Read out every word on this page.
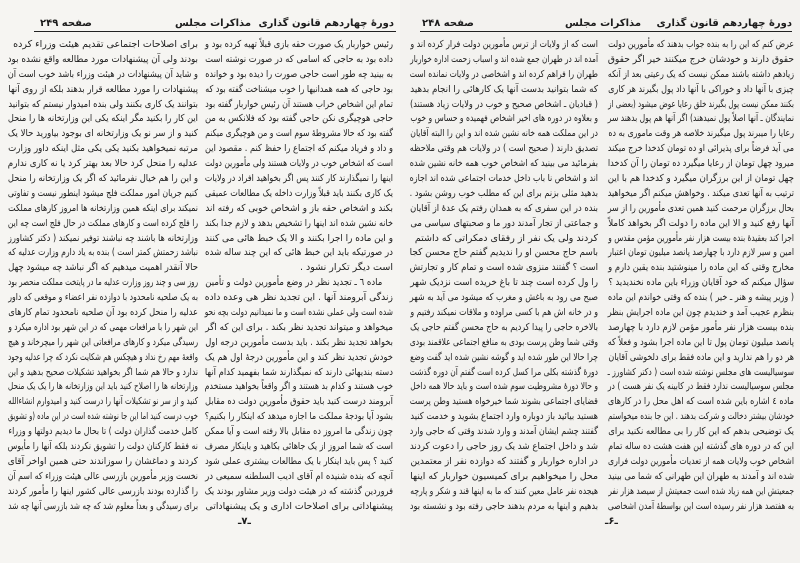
دورهٔ چهاردهم قانون گذاری
مذاکرات مجلس
صفحه ۲۴۹
رئیس خواربار یک صورت حقه بازی قبلاً تهیه کرده بود و
داده بود به حاجی که اسامی که در صورت نوشته است
به بینید چه طور است حاجی صورت را دیده بود و خوانده
بود حاجی که همه همدانیها را خوب میشناخت گفته بود که
تمام این اشخاص خراب هستند آن رئیس خواربار گفته بود
حاجی هوچیگری نکن حاجی گفته بود که فلانکس به من
گفته بود که حالا مشروطهٔ سوم است و من هوچیگری میکنم
و داد و فریاد میکنم که اجتماع را حفظ کنم . مقصود این
است که اشخاص خوب در ولایات هستند ولی مأمورین دولت
اینها را نمیگذارند کار کنند پس اگر بخواهید افراد در ولایات
یک کاری بکنند باید قبلاً وزارت داخله یک مطالعات عمیقی
بکند و اشخاص حقه باز و اشخاص خوبی که رفته اند
خانه نشین شده اند اینها را تشخیص بدهد و لازم جدا بکند
و این ماده را اجرا بکنند و الا یک خبط هائی می کنند
در صورتیکه باید این خبط هائی که این چند ساله شده
است دیگر تکرار نشود .
ماده ٦ ـ تجدید نظر در وضع مأمورین دولت و تأمین
زندگی آبرومند آنها . این تجدید نظر هی وعده داده
شده است ولی عملی نشده است و ما نمیدانیم دولت بچه نحو
میخواهد و میتواند تجدید نظر بکند . برای این که اگر
بخواهد تجدید نظر بکند . باید بدست مأمورین درجه اول
خودش تجدید نظر کند و این مأمورین درجهٔ اول هم یک
دسته بندیهائی دارند که نمیگذارند شما بفهمید کدام آنها
خوب هستند و کدام بد هستند و اگر واقعاً بخواهید مستخدم
آبرومند درست کنید باید حقوق مأمورین دولت ده مقابل
بشود آیا بودجهٔ مملکت ما اجازه میدهد که اینکار را بکنیم؟
چون زندگی ما امروز ده مقابل بالا رفته است و آیا ممکن
است که شما امروز از یک جاهائی بکاهید و باینکار مصرف
کنید ؟ پس باید اینکار با یک مطالعات بیشتری عملی شود
آنچه که بنده شنیده ام آقای ادیب السلطنه سمیعی در
فروردین گذشته که در هیئت دولت وزیر مشاور بودند یک
پیشنهاداتی برای اصلاحات اداری و یک پیشنهاداتی
برای اصلاحات اجتماعی تقدیم هیئت وزراء کرده
بودند ولی آن پیشنهادات مورد مطالعه واقع نشده بود
و شاید آن پیشنهادات در هیئت وزراء باشد خوب است آن
پیشنهادات را مورد مطالعه قرار بدهند بلکه از روی آنها
بتوانند یک کاری بکنند ولی بنده امیدوار نیستم که بتوانید
این کار را بکنید مگر اینکه یکی این وزارتخانه ها را منحل
کنید و از سر نو یک وزارتخانه ای بوجود بیاورید حالا یک
مرتبه نمیخواهید بکنید یکی یکی مثل اینکه داور وزارت
عدلیه را منحل کرد حالا بعد بهتر کرد یا نه کاری ندارم
و این را هم خیال نفرمائید که اگر یک وزارتخانه را منحل
کنیم جریان امور مملکت فلج میشود اینطور نیست و تفاوتی
نمیکند برای اینکه همین وزارتخانه ها امروز کارهای مملکت
را فلج کرده است و کارهای مملکت در حال فلج است چه این
وزارتخانه ها باشند چه نباشند توفیر نمیکند ( دکتر کشاورز
نباشد زحمتش کمتر است ) بنده به یاد دارم وزارت عدلیه که
حالا آنقدر اهمیت میدهیم که اگر نباشد چه میشود چهل
روز سی و چند روز وزارت عدلیه ما در پایتخت مملکت منحصر بود
به یک صلحیه نامحدود با دوازده نفر اعضاء و موقعی که داور
عدلیه را منحل کرده بود آن صلحیه نامحدود تمام کارهای
این شهر را با مرافعات مهمی که در این شهر بود اداره میکرد و
رسیدگی میکرد و کارهای مرافعاتی این شهر را میچرخاند و هیچ
واقعهٔ مهم رخ نداد و هیچکس هم شکایت نکرد که چرا عدلیه وجود
ندارد و حالا هم شما اگر بخواهید تشکیلات صحیح بدهید و این
وزارتخانه ها را اصلاح کنید باید این وزارتخانه ها را یک یک منحل
کنید و از سر نو تشکیلات آنها را درست کنید و امیدوارم انشاءالله
خوب درست کنید اما این جا نوشته شده است در این ماده (و تشویق
کامل خدمت گذاران دولت ) تا بحال ما دیدیم دولتها و وزراء
نه فقط کارکنان دولت را تشویق نکردند بلکه آنها را مأیوس
کردند و دماغشان را سوزاندند حتی همین اواخر آقای
نخست وزیر مأمورین بازرسی عالی هیئت وزراء که اسم آن
را گذارده بودند بازرسی عالی کشور اینها را مأمور کردند
برای رسیدگی و بعداً معلوم شد که چه شد بازرسی آنها چه شد
ـ۷ـ
دورهٔ چهاردهم قانون گذاری
مذاکرات مجلس
صفحه ۲۴۸
عرض کنم که این را به بنده جواب بدهند که مأمورین دولت
حقوق دارند و خودشان خرج میکنند خیر اگر حقوق
زیادهم داشته باشند ممکن نیست که یک رعیتی بعد از آنکه
چیزی با آنها داد و خوراکی با آنها داد پول بگیرند هر کاری
بکنند ممکن نیست پول بگیرند خلق رعایا عوض میشود (بعضی از
نمایندگان ـ آنها اصلاً پول نمیدهند) اگر آنها هم پول بدهند سر
رعایا را میبرند پول میگیرند خلاصه هر وقت ماموری به ده
می آید فرضاً برای پذیرائی او ده تومان کدخدا خرج میکند
میرود چهل تومان از رعایا میگیرد ده تومان را آن کدخدا
چهل تومان از این برزگران میگیرد و کدخدا هم با این
ترتیب به آنها تعدی میکند . وخواهش میکنم اگر میخواهید
بحال برزگران مرحمت کنید همین تعدی مأمورین را از سر
آنها رفع کنید و الا این ماده را دولت اگر بخواهد کاملاً
اجرا کند بعقیدهٔ بنده بیست هزار نفر مأمورین مؤمن مقدس و
امین و سیر لازم دارد با چهارصد پانصد میلیون تومان اعتبار
مخارج وقتی که این ماده را مینوشتید بنده یقین دارم و
سؤال میکنم که خود آقایان وزراء باین ماده نخندیدید ؟
( وزیر پیشه و هنر ـ خیر ) بنده که وقتی خواندم این ماده
بنظرم عجیب آمد و خندیدم چون این ماده اجرایش بنظر
بنده بیست هزار نفر مأمور مؤمن لازم دارد با چهارصد
پانصد میلیون تومان پول تا این ماده اجرا بشود و فعلاً که
هر دو را هم ندارید و این ماده فقط برای دلخوشی آقایان
سوسیالیست های مجلس نوشته شده است ( دکتر کشاورز ـ
مجلس سوسیالیست ندارد فقط در کابینه یک نفر هست ) در
ماده ٤ اشاره باین شده است که اهل محل را در کارهای
خودشان بیشتر دخالت و شرکت بدهند . این جا بنده میخواستم
یک توضیحی بدهم که این کار را بی مطالعه نکنید برای
این که در دوره های گذشته این هفت هشت ده ساله تمام
اشخاص خوب ولایات همه از تعدیات مأمورین دولت فراری
شده اند و آمدند به طهران این طهرانی که شما می بینید
جمعیتش این همه زیاد شده است جمعیتش از سیصد هزار نفر
به هفتصد هزار نفر رسیده است این بواسطهٔ آمدن اشخاصی
است که از ولایات از ترس مأمورین دولت فرار کرده اند و
آمده اند در طهران جمع شده اند و اسباب زحمت اداره خواربار
طهران را فراهم کرده اند و اشخاصی در ولایات نمانده است
که شما بتوانید بدست آنها یک کارهائی را انجام بدهید
( قبادیان ـ اشخاص صحیح و خوب در ولایات زیاد هستند)
و بعلاوه در دوره های اخیر اشخاص فهمیده و حساس و خوب
در این مملکت همه خانه نشین شده اند و این را البته آقایان
تصدیق دارند ( صحیح است ) در ولایات هم وقتی ملاحظه
بفرمائید می بینید که اشخاص خوب همه خانه نشین شده
اند و اشخاص نا باب داخل خدمات اجتماعی شده اند اجازه
بدهید مثلی بزنم برای این که مطلب خوب روشن بشود .
بنده در این سفری که به همدان رفتم یک عدهٔ از آقایان
و جماعتی از تجار آمدند دور ما و صحبتهای سیاسی می
کردند ولی یک نفر از رفقای دمکراتی که داشتم
باسم حاج محسن او را ندیدیم گفتم حاج محسن کجا
است ؟ گفتند منزوی شده است و تمام کار و تجارتش
را ول کرده است چند تا باغ خریده است نزدیک شهر
صبح می رود به باغش و مغرب که میشود می آید به شهر
و در خانه اش هم با کسی مراوده و ملاقات نمیکند رفتیم و
بالاخره حاجی را پیدا کردیم به حاج محسن گفتم حاجی یک
وقتی شما وطن پرست بودی به منافع اجتماعی علاقمند بودی
چرا حالا این طور شده اید و گوشه نشین شده اید گفت وضع
دورهٔ گذشته بکلی مرا کسل کرده است گفتم آن دوره گذشت
و حالا دورهٔ مشروطیت سوم شده است و باید حالا همه داخل
قضایای اجتماعی بشوند شما خیرخواه هستید وطن پرست
هستید بیائید باز دوباره وارد اجتماع بشوید و خدمت کنید
گفتند چشم ایشان آمدند و وارد شدند وقتی که حاجی وارد
شد و داخل اجتماع شد یک روز حاجی را دعوت کردند
در اداره خواربار و گفتند که دوازده نفر از معتمدین
محل را میخواهیم برای کمیسیون خواربار که اینها
هیجده نفر عامل معین کنند که ما به اینها قند و شکر و پارچه
بدهیم و اینها به مردم بدهند حاجی رفته بود و نشسته بود
ـ۶ـ
